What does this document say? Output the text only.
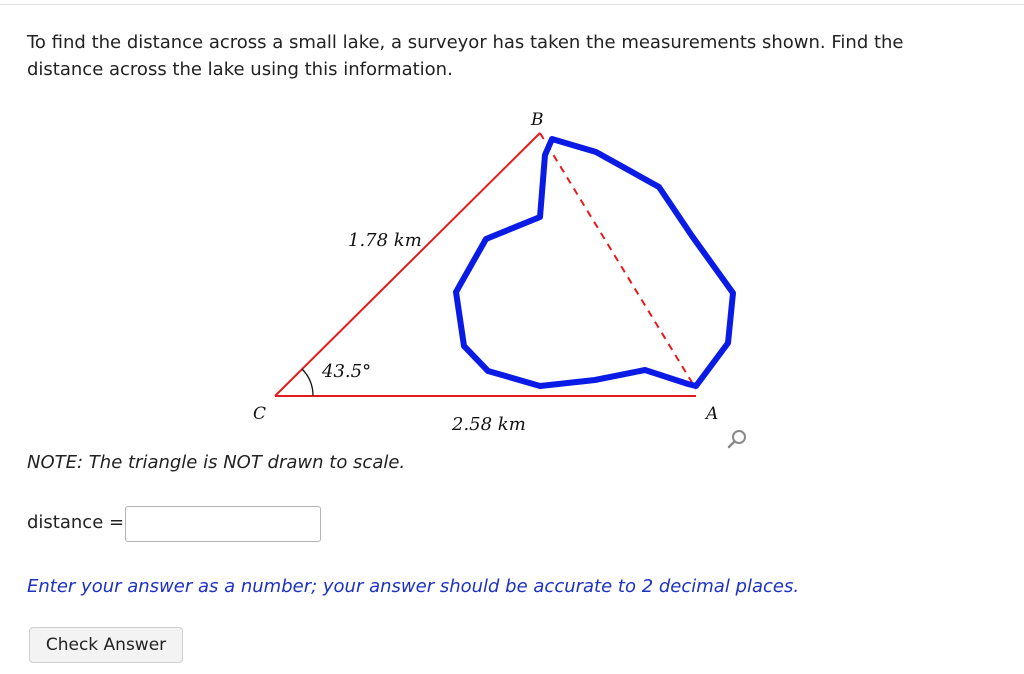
To find the distance across a small lake, a surveyor has taken the measurements shown. Find the distance across the lake using this information.
B
C	A
1.78 km
2.58 km
43.5°
NOTE: The triangle is NOT drawn to scale.
distance =
Enter your answer as a number; your answer should be accurate to 2 decimal places.
Check Answer
